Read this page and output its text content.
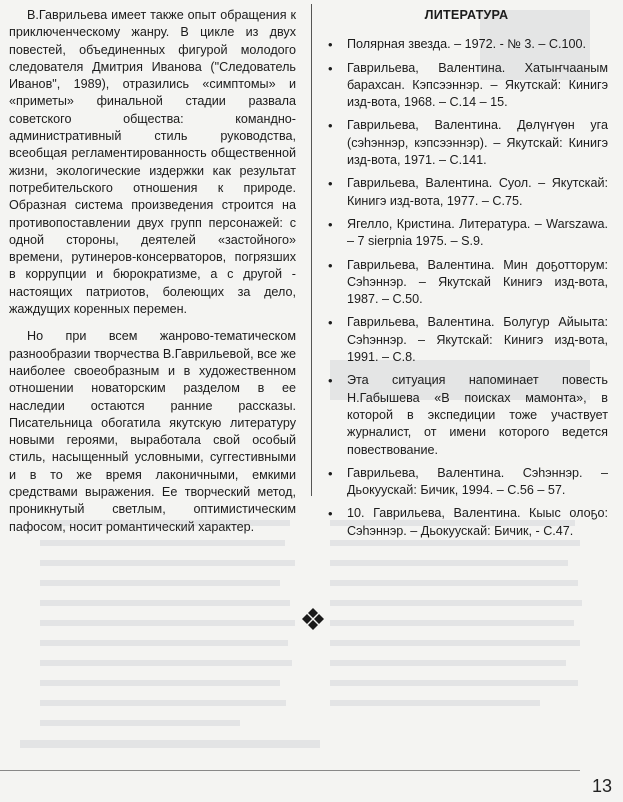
В.Гаврильева имеет также опыт обращения к приключенческому жанру. В цикле из двух повестей, объединенных фигурой молодого следователя Дмитрия Иванова ("Следователь Иванов", 1989), отразились «симптомы» и «приметы» финальной стадии развала советского общества: командно-административный стиль руководства, всеобщая регламентированность общественной жизни, экологические издержки как результат потребительского отношения к природе. Образная система произведения строится на противопоставлении двух групп персонажей: с одной стороны, деятелей «застойного» времени, рутинеров-консерваторов, погрязших в коррупции и бюрократизме, а с другой - настоящих патриотов, болеющих за дело, жаждущих коренных перемен.

Но при всем жанрово-тематическом разнообразии творчества В.Гаврильевой, все же наиболее своеобразным и в художественном отношении новаторским разделом в ее наследии остаются ранние рассказы. Писательница обогатила якутскую литературу новыми героями, выработала свой особый стиль, насыщенный условными, суггестивными и в то же время лаконичными, емкими средствами выражения. Ее творческий метод, проникнутый светлым, оптимистическим пафосом, носит романтический характер.

ЛИТЕРАТУРА
• Полярная звезда. – 1972. - № 3. – С.100.
• Гаврильева, Валентина. Хатыҥчааным барахсан. Кэпсээннэр. – Якутскай: Кинигэ изд-вота, 1968. – С.14 – 15.
• Гаврильева, Валентина. Дөлүҥүөн уга (сэһэннэр, кэпсээннэр). – Якутскай: Кинигэ изд-вота, 1971. – С.141.
• Гаврильева, Валентина. Суол. – Якутскай: Кинигэ изд-вота, 1977. – С.75.
• Ягелло, Кристина. Литература. – Warszawa. – 7 sierpnia 1975. – S.9.
• Гаврильева, Валентина. Мин доҕотторум: Сэһэннэр. – Якутскай Кинигэ изд-вота, 1987. – С.50.
• Гаврильева, Валентина. Болугур Айыыта: Сэһэннэр. – Якутскай: Кинигэ изд-вота, 1991. – С.8.
• Эта ситуация напоминает повесть Н.Габышева «В поисках мамонта», в которой в экспедиции тоже участвует журналист, от имени которого ведется повествование.
• Гаврильева, Валентина. Сэһэннэр. – Дьокуускай: Бичик, 1994. – С.56 – 57.
• 10. Гаврильева, Валентина. Кыыс олоҕо: Сэһэннэр. – Дьокуускай: Бичик, - С.47.
13
